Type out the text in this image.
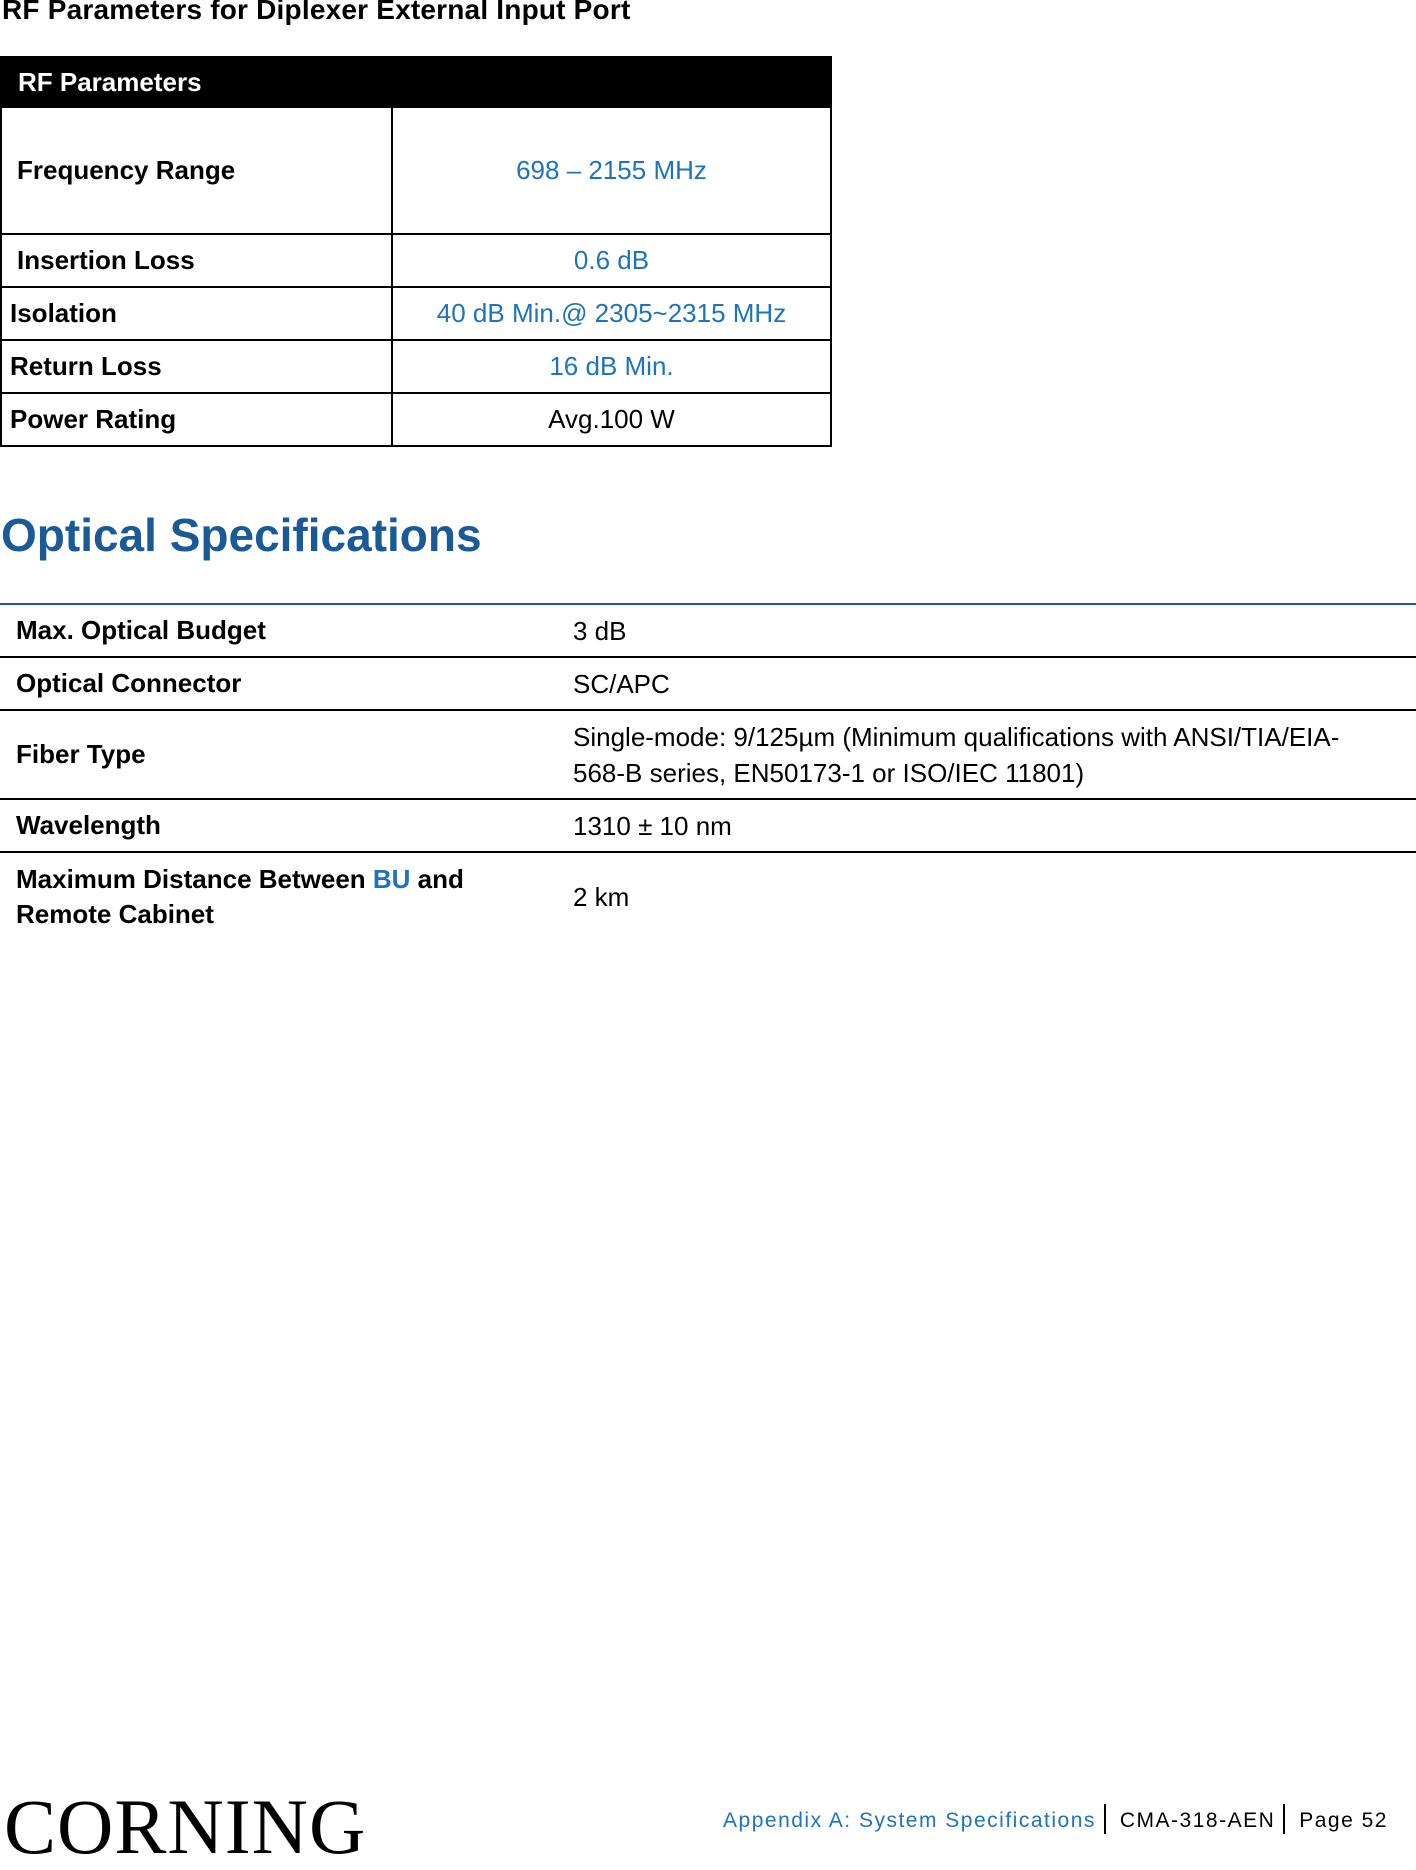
RF Parameters for Diplexer External Input Port
RF Parameters	
Frequency Range	698 – 2155 MHz
Insertion Loss	0.6 dB
Isolation	40 dB Min.@ 2305~2315 MHz
Return Loss	16 dB Min.
Power Rating	Avg.100 W
Optical Specifications
Max. Optical Budget	3 dB
Optical Connector	SC/APC
Fiber Type	Single-mode: 9/125µm (Minimum qualifications with ANSI/TIA/EIA-
568-B series, EN50173-1 or ISO/IEC 11801)
Wavelength	1310 ± 10 nm
Maximum Distance Between BU and
Remote Cabinet	2 km
CORNING	Appendix A: System Specifications CMA-318-AEN Page 52
